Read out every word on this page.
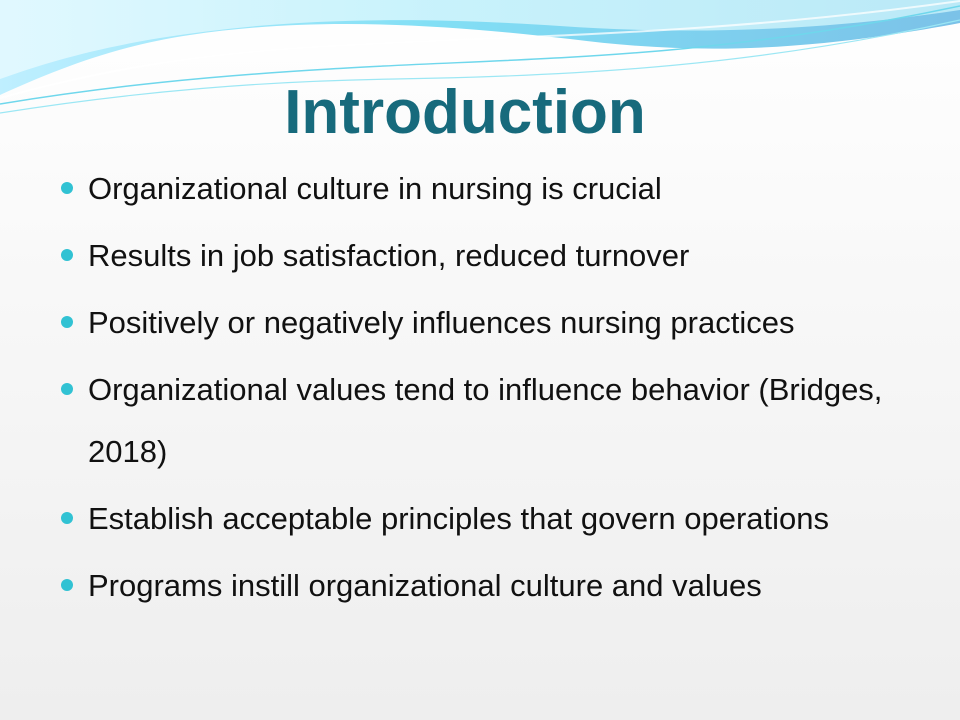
Introduction
Organizational culture in nursing is crucial
Results in job satisfaction, reduced turnover
Positively or negatively influences nursing practices
Organizational values tend to influence behavior (Bridges, 2018)
Establish acceptable principles that govern operations
Programs instill organizational culture and values
